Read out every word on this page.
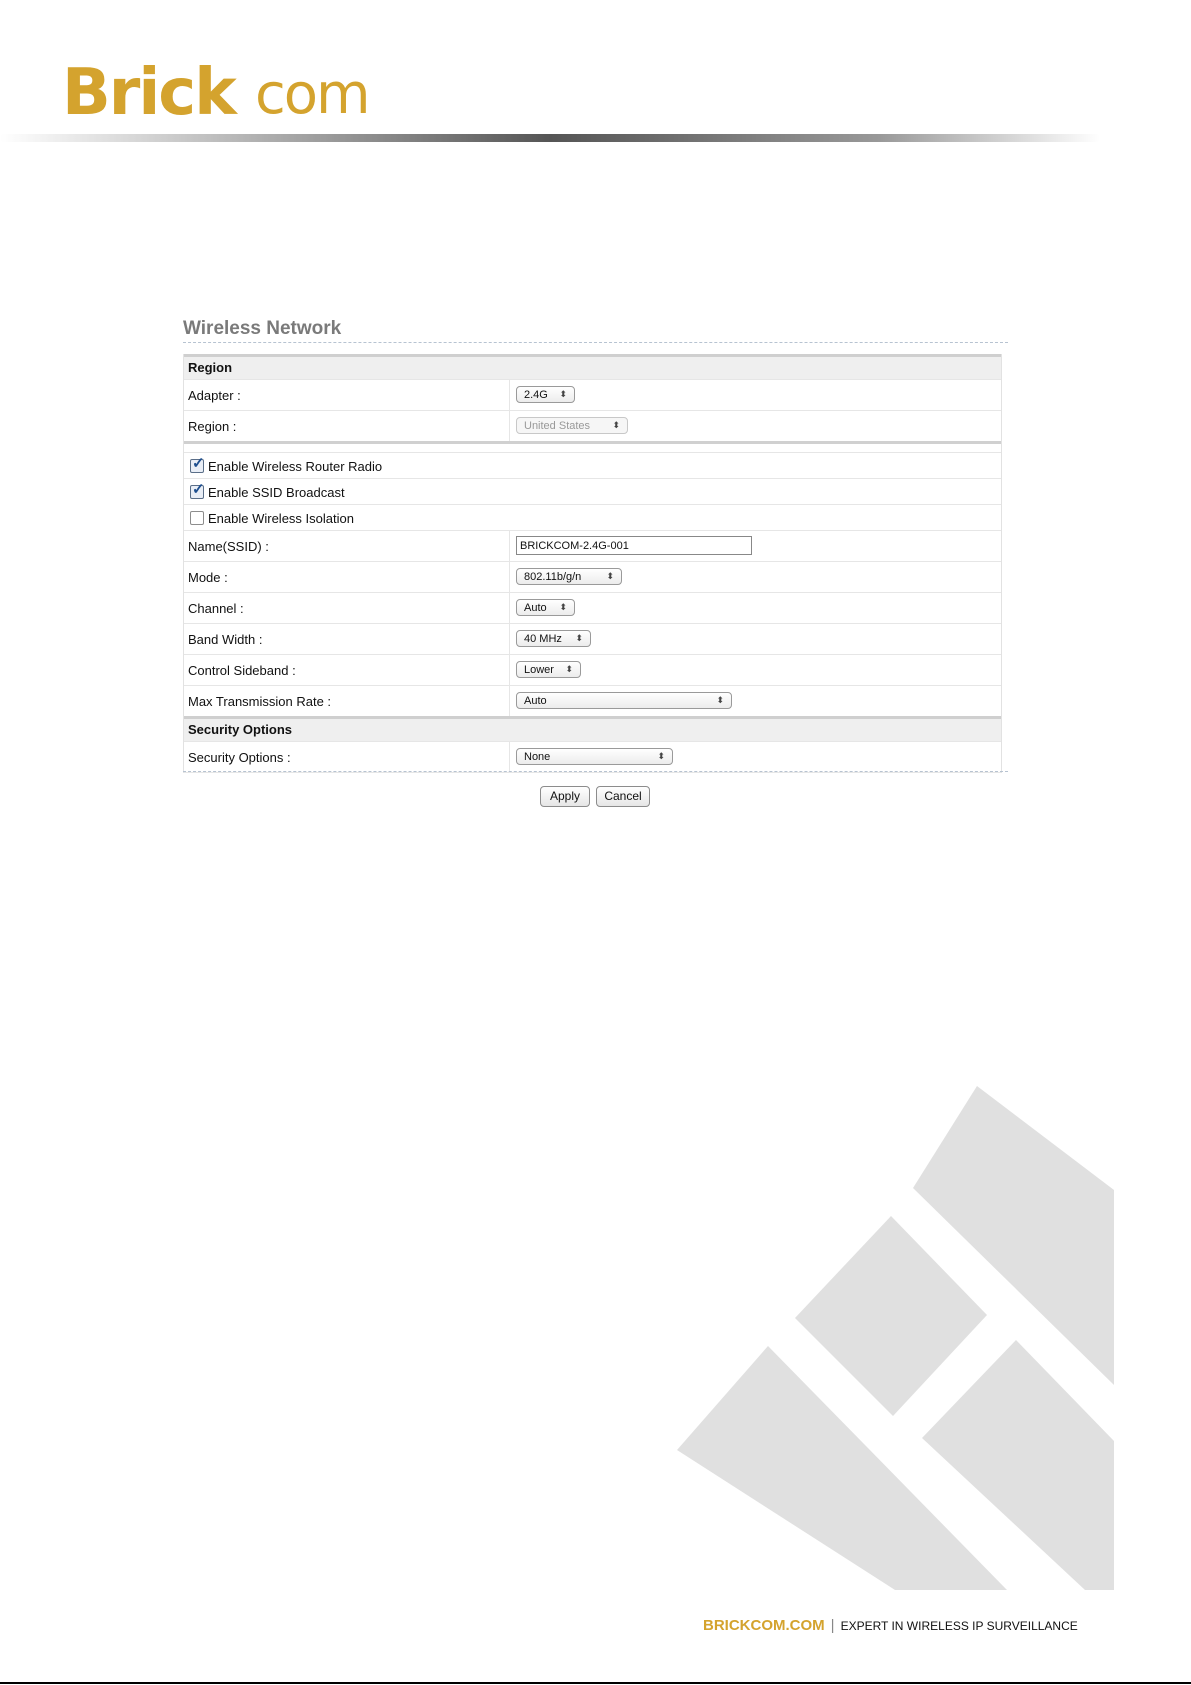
Brick com
Wireless Network
Region
Adapter :	2.4G ⬍
Region :	United States ⬍
✓ Enable Wireless Router Radio
✓ Enable SSID Broadcast
Enable Wireless Isolation
Name(SSID) :	BRICKCOM-2.4G-001
Mode :	802.11b/g/n	⬍
Channel :	Auto ⬍
Band Width :	40 MHz ⬍
Control Sideband :	Lower ⬍
Max Transmission Rate :	Auto	⬍
Security Options
Security Options :	None	⬍
Apply	Cancel
BRICKCOM.COM | EXPERT IN WIRELESS IP SURVEILLANCE
